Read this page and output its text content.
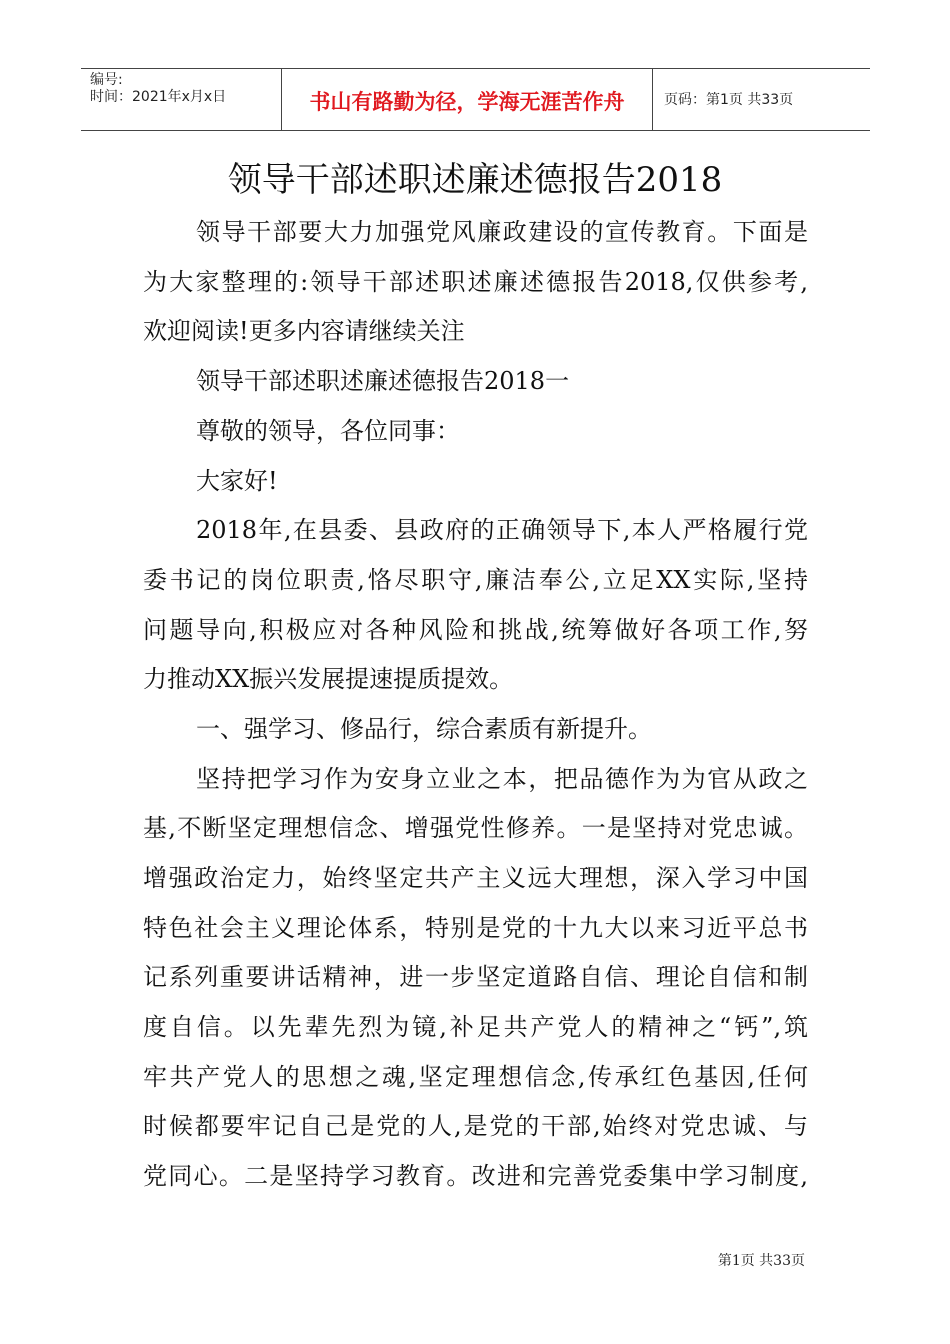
编号:
时间：2021年x月x日	书山有路勤为径，学海无涯苦作舟	页码：第1页 共33页
领导干部述职述廉述德报告2018
领导干部要大力加强党风廉政建设的宣传教育。下面是
为大家整理的:领导干部述职述廉述德报告2018,仅供参考,
欢迎阅读!更多内容请继续关注
领导干部述职述廉述德报告2018一
尊敬的领导，各位同事：
大家好!
2018年,在县委、县政府的正确领导下,本人严格履行党
委书记的岗位职责,恪尽职守,廉洁奉公,立足XX实际,坚持
问题导向,积极应对各种风险和挑战,统筹做好各项工作,努
力推动XX振兴发展提速提质提效。
一、强学习、修品行，综合素质有新提升。
坚持把学习作为安身立业之本，把品德作为为官从政之
基,不断坚定理想信念、增强党性修养。一是坚持对党忠诚。
增强政治定力，始终坚定共产主义远大理想，深入学习中国
特色社会主义理论体系，特别是党的十九大以来习近平总书
记系列重要讲话精神，进一步坚定道路自信、理论自信和制
度自信。以先辈先烈为镜,补足共产党人的精神之“钙”,筑
牢共产党人的思想之魂,坚定理想信念,传承红色基因,任何
时候都要牢记自己是党的人,是党的干部,始终对党忠诚、与
党同心。二是坚持学习教育。改进和完善党委集中学习制度,
第1页 共33页
